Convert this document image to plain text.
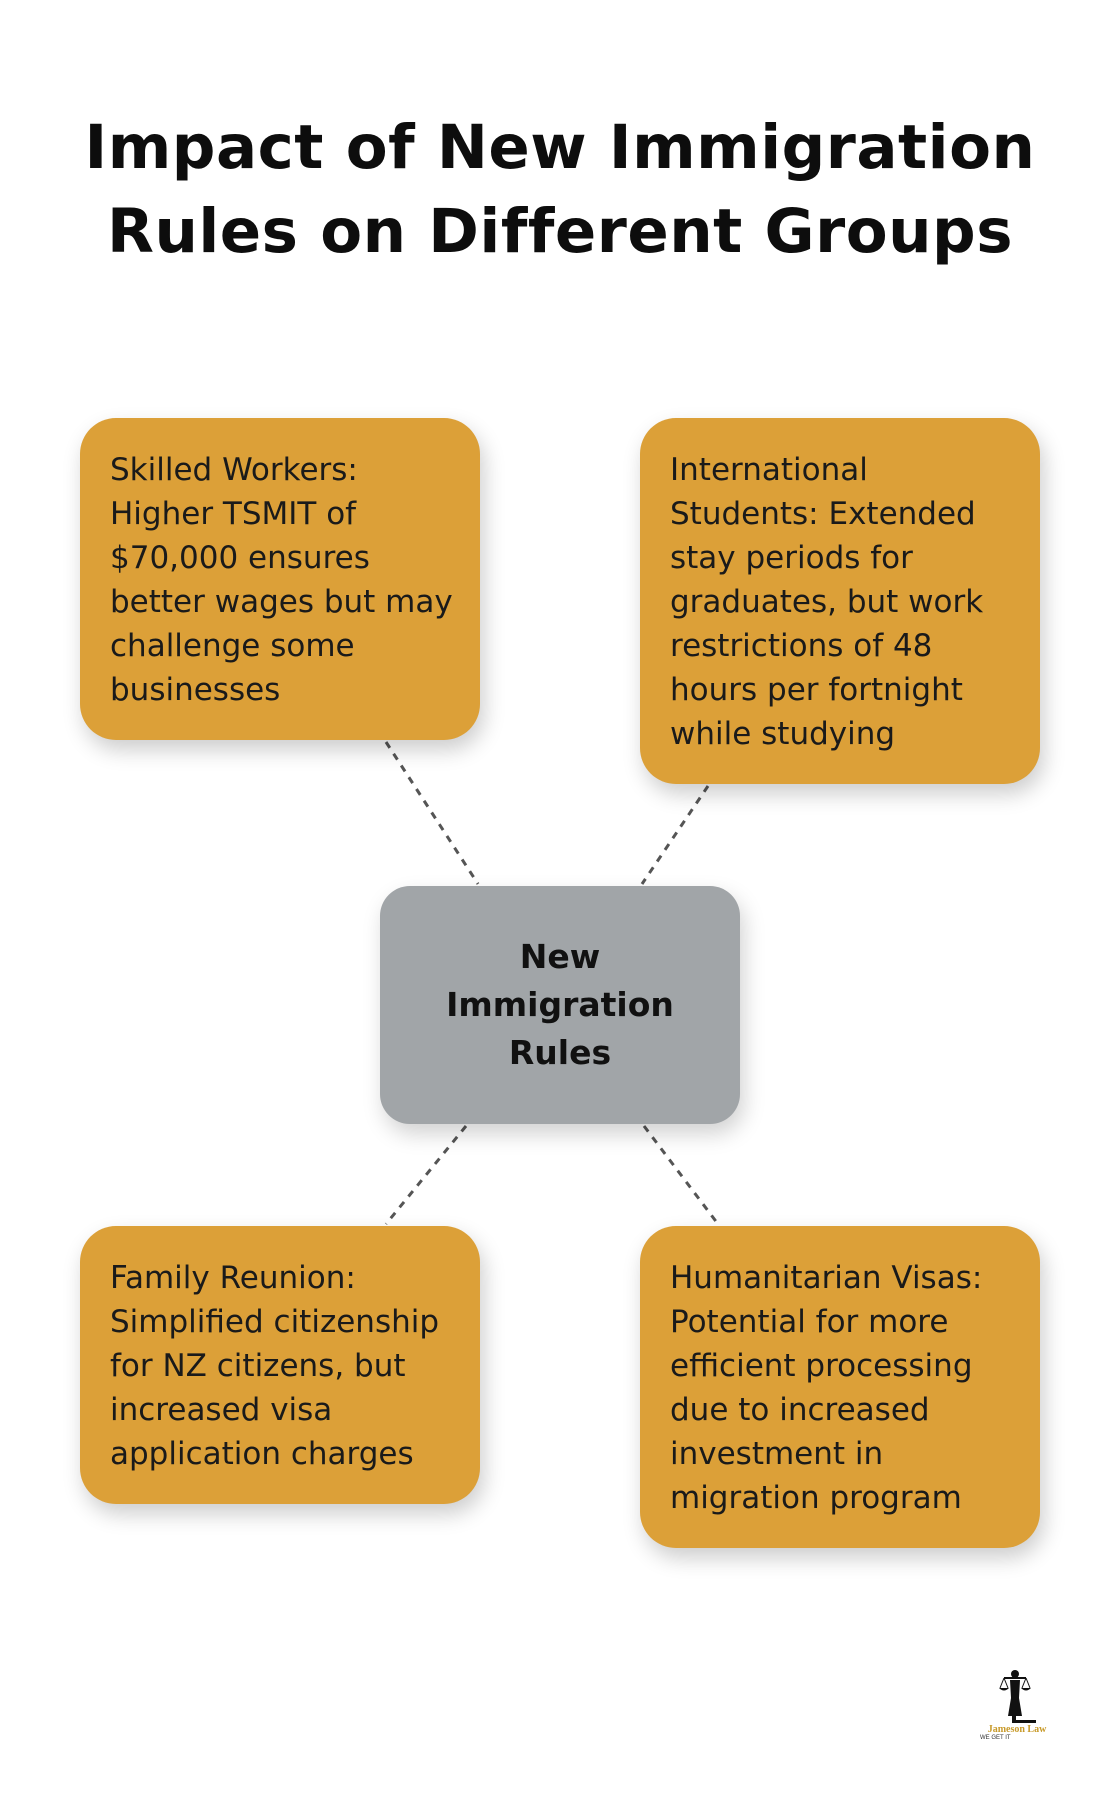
Impact of New Immigration
Rules on Different Groups
Skilled Workers: Higher TSMIT of $70,000 ensures better wages but may challenge some businesses
International Students: Extended stay periods for graduates, but work restrictions of 48 hours per fortnight while studying
New Immigration Rules
Family Reunion: Simplified citizenship for NZ citizens, but increased visa application charges
Humanitarian Visas: Potential for more efficient processing due to increased investment in migration program
Jameson Law
WE GET IT
